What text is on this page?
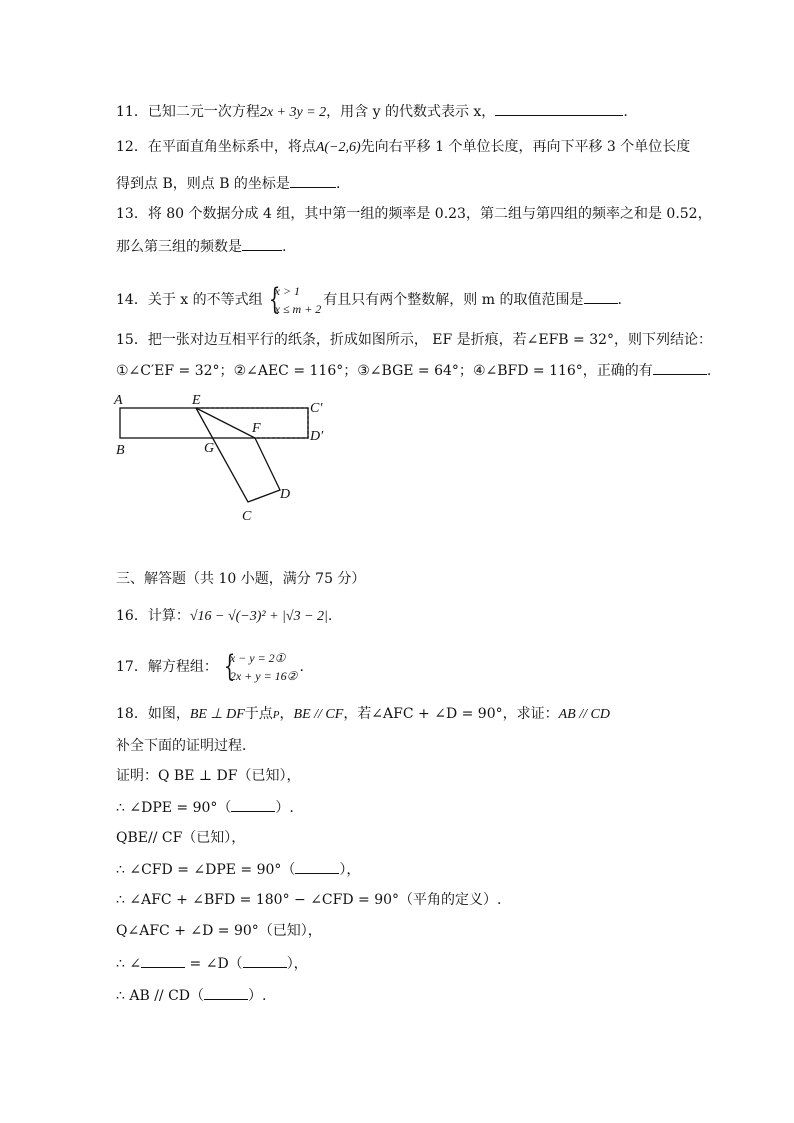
11．已知二元一次方程2x + 3y = 2，用含 y 的代数式表示 x，	.
12．在平面直角坐标系中，将点A(−2,6)先向右平移 1 个单位长度，再向下平移 3 个单位长度
得到点 B，则点 B 的坐标是	.
13．将 80 个数据分成 4 组，其中第一组的频率是 0.23，第二组与第四组的频率之和是 0.52，
那么第三组的频数是	.
14．关于 x 的不等式组 {
x > 1
x ≤ m + 2
有且只有两个整数解，则 m 的取值范围是 .
15．把一张对边互相平行的纸条，折成如图所示， EF 是折痕，若∠EFB = 32°，则下列结论：
①∠C′EF = 32°；②∠AEC = 116°；③∠BGE = 64°；④∠BFD = 116°，正确的有	.
A	E
C′
D′
F
B	G
D
C
三、解答题（共 10 小题，满分 75 分）
16．计算：√16 − √(−3)² + |√3 − 2|.
17．解方程组： {
x − y = 2①
2x + y = 16②
.
18．如图，BE ⊥ DF于点P，BE // CF，若∠AFC + ∠D = 90°，求证：AB // CD
补全下面的证明过程．
证明：Q BE ⊥ DF（已知），
∴ ∠DPE = 90°（	）.
QBE// CF（已知），
∴ ∠CFD = ∠DPE = 90°（	），
∴ ∠AFC + ∠BFD = 180° − ∠CFD = 90°（平角的定义）.
Q∠AFC + ∠D = 90°（已知），
∴ ∠	= ∠D（	），
∴ AB // CD（	）.
